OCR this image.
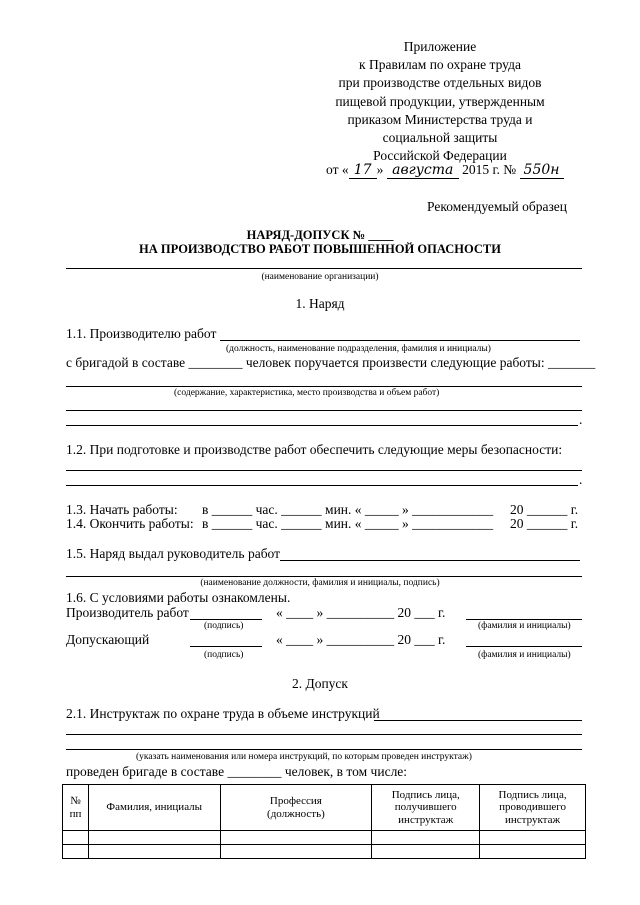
Приложение
к Правилам по охране труда
при производстве отдельных видов
пищевой продукции, утвержденным
приказом Министерства труда и
социальной защиты
Российской Федерации
от « 17 » августа 2015 г. № 550н
Рекомендуемый образец
НАРЯД-ДОПУСК № ____
НА ПРОИЗВОДСТВО РАБОТ ПОВЫШЕННОЙ ОПАСНОСТИ
(наименование организации)
1. Наряд
1.1. Производителю работ
(должность, наименование подразделения, фамилия и инициалы)
с бригадой в составе ________ человек поручается произвести следующие работы: _______
(содержание, характеристика, место производства и объем работ)
.
1.2. При подготовке и производстве работ обеспечить следующие меры безопасности:
.
1.3. Начать работы: в ______ час. ______ мин. « _____ » ____________ 20 ______ г.
1.4. Окончить работы: в ______ час. ______ мин. « _____ » ____________ 20 ______ г.
1.5. Наряд выдал руководитель работ
(наименование должности, фамилия и инициалы, подпись)
1.6. С условиями работы ознакомлены.
Производитель работ	« ____ » __________ 20 ___ г.
(подпись)	(фамилия и инициалы)
Допускающий	« ____ » __________ 20 ___ г.
(подпись)	(фамилия и инициалы)
2. Допуск
2.1. Инструктаж по охране труда в объеме инструкций
(указать наименования или номера инструкций, по которым проведен инструктаж)
проведен бригаде в составе ________ человек, в том числе:
№ пп	Фамилия, инициалы	Профессия (должность)	Подпись лица, получившего инструктаж	Подпись лица, проводившего инструктаж
